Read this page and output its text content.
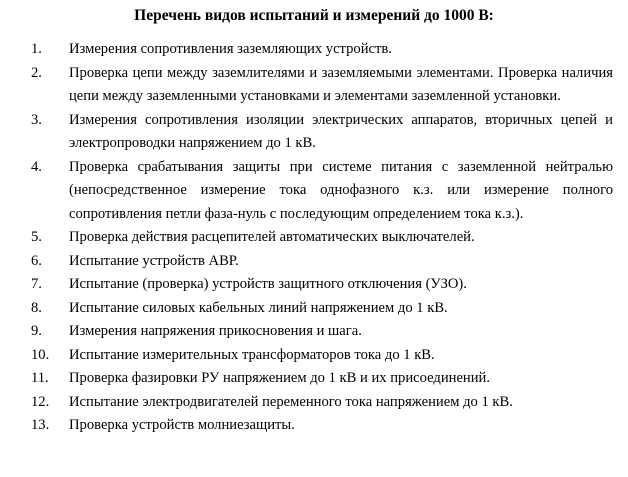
Перечень видов испытаний и измерений до 1000 В:
1.	Измерения сопротивления заземляющих устройств.
2.	Проверка цепи между заземлителями и заземляемыми элементами. Проверка наличия цепи между заземленными установками и элементами заземленной установки.
3.	Измерения сопротивления изоляции электрических аппаратов, вторичных цепей и электропроводки напряжением до 1 кВ.
4.	Проверка срабатывания защиты при системе питания с заземленной нейтралью (непосредственное измерение тока однофазного к.з. или измерение полного сопротивления петли фаза-нуль с последующим определением тока к.з.).
5.	Проверка действия расцепителей автоматических выключателей.
6.	Испытание устройств АВР.
7.	Испытание (проверка) устройств защитного отключения (УЗО).
8.	Испытание силовых кабельных линий напряжением до 1 кВ.
9.	Измерения напряжения прикосновения и шага.
10.	Испытание измерительных трансформаторов тока до 1 кВ.
11.	Проверка фазировки РУ напряжением до 1 кВ и их присоединений.
12.	Испытание электродвигателей переменного тока напряжением до 1 кВ.
13.	Проверка устройств молниезащиты.
